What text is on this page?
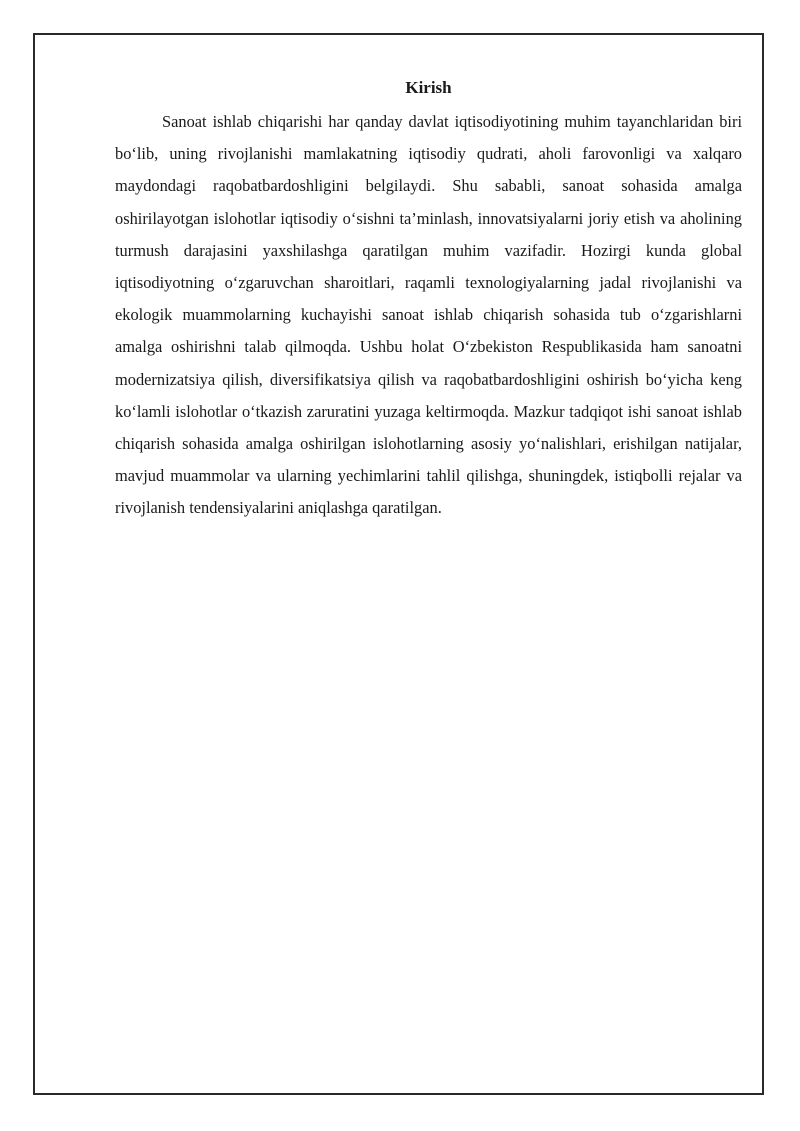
Kirish

Sanoat ishlab chiqarishi har qanday davlat iqtisodiyotining muhim tayanchlaridan biri bo‘lib, uning rivojlanishi mamlakatning iqtisodiy qudrati, aholi farovonligi va xalqaro maydondagi raqobatbardoshligini belgilaydi. Shu sababli, sanoat sohasida amalga oshirilayotgan islohotlar iqtisodiy o‘sishni ta’minlash, innovatsiyalarni joriy etish va aholining turmush darajasini yaxshilashga qaratilgan muhim vazifadir. Hozirgi kunda global iqtisodiyotning o‘zgaruvchan sharoitlari, raqamli texnologiyalarning jadal rivojlanishi va ekologik muammolarning kuchayishi sanoat ishlab chiqarish sohasida tub o‘zgarishlarni amalga oshirishni talab qilmoqda. Ushbu holat O‘zbekiston Respublikasida ham sanoatni modernizatsiya qilish, diversifikatsiya qilish va raqobatbardoshligini oshirish bo‘yicha keng ko‘lamli islohotlar o‘tkazish zaruratini yuzaga keltirmoqda. Mazkur tadqiqot ishi sanoat ishlab chiqarish sohasida amalga oshirilgan islohotlarning asosiy yo‘nalishlari, erishilgan natijalar, mavjud muammolar va ularning yechimlarini tahlil qilishga, shuningdek, istiqbolli rejalar va rivojlanish tendensiyalarini aniqlashga qaratilgan.
